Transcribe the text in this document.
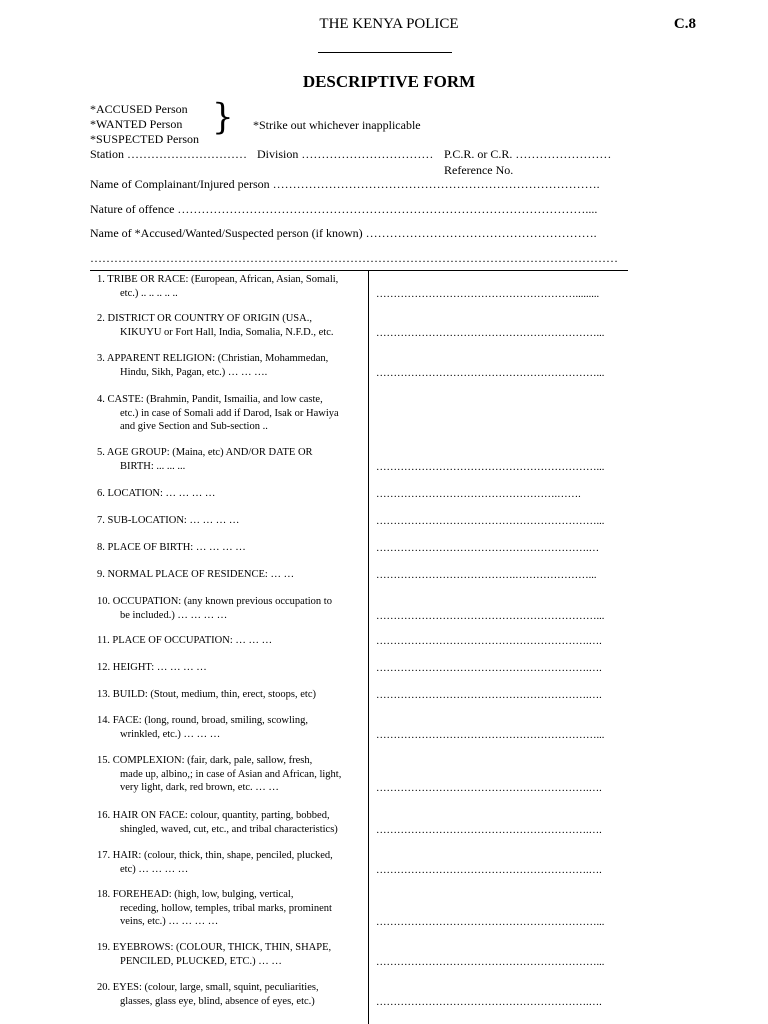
THE KENYA POLICE	C.8
DESCRIPTIVE FORM
*ACCUSED Person
*WANTED Person
*SUSPECTED Person
} *Strike out whichever inapplicable
Station ………………………… Division …………………………… P.C.R. or C.R. ……………………
Reference No.
Name of Complainant/Injured person ……………………………………………………………………….
Nature of offence …………………………………………………………………………………………....
Name of *Accused/Wanted/Suspected person (if known) ………………………………………………….
……………………………………………………………………………………………………………………
1. TRIBE OR RACE: (European, African, Asian, Somali,
etc.) .. .. .. .. ..	………………………………………………….........
2. DISTRICT OR COUNTRY OF ORIGIN (USA.,
KIKUYU or Fort Hall, India, Somalia, N.F.D., etc.	………………………………………………………...
3. APPARENT RELIGION: (Christian, Mohammedan,
Hindu, Sikh, Pagan, etc.) … … ….	………………………………………………………...
4. CASTE: (Brahmin, Pandit, Ismailia, and low caste,
etc.) in case of Somali add if Darod, Isak or Hawiya
and give Section and Sub-section ..
5. AGE GROUP: (Maina, etc) AND/OR DATE OR
BIRTH: ... ... ...	………………………………………………………...
6. LOCATION: … … … …	…………………………………………….…….
7. SUB-LOCATION: … … … …	………………………………………………………...
8. PLACE OF BIRTH: … … … …	…………………………………………………….…
9. NORMAL PLACE OF RESIDENCE: … …	………………………………….…………………...
10. OCCUPATION: (any known previous occupation to
be included.) … … … …	………………………………………………………...
11. PLACE OF OCCUPATION: … … …	…………………………………………………….….
12. HEIGHT: … … … …	…………………………………………………….….
13. BUILD: (Stout, medium, thin, erect, stoops, etc)	…………………………………………………….….
14. FACE: (long, round, broad, smiling, scowling,
wrinkled, etc.) … … …	………………………………………………………...
15. COMPLEXION: (fair, dark, pale, sallow, fresh,
made up, albino,; in case of Asian and African, light,
very light, dark, red brown, etc. … …	…………………………………………………….….
16. HAIR ON FACE: colour, quantity, parting, bobbed,
shingled, waved, cut, etc., and tribal characteristics)	…………………………………………………….….
17. HAIR: (colour, thick, thin, shape, penciled, plucked,
etc) … … … …	…………………………………………………….….
18. FOREHEAD: (high, low, bulging, vertical,
receding, hollow, temples, tribal marks, prominent
veins, etc.) … … … …	………………………………………………………...
19. EYEBROWS: (COLOUR, THICK, THIN, SHAPE,
PENCILED, PLUCKED, ETC.) … …	………………………………………………………...
20. EYES: (colour, large, small, squint, peculiarities,
glasses, glass eye, blind, absence of eyes, etc.)	…………………………………………………….….
